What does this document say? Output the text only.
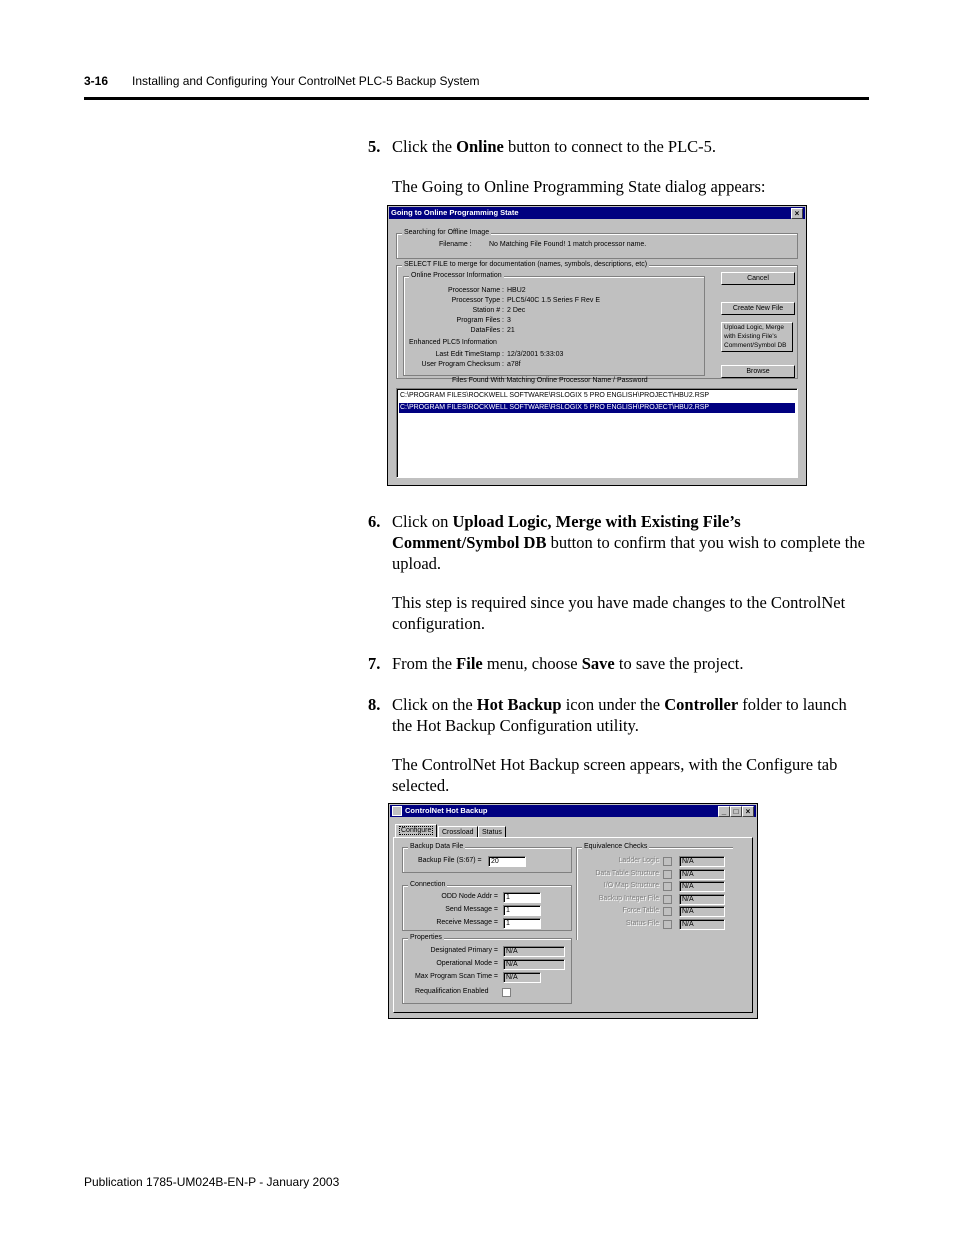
3-16 Installing and Configuring Your ControlNet PLC-5 Backup System
5. Click the Online button to connect to the PLC-5.
The Going to Online Programming State dialog appears:
Going to Online Programming State	×
Searching for Offline Image
Filename : No Matching File Found! 1 match processor name.
SELECT FILE to merge for documentation (names, symbols, descriptions, etc)
Online Processor Information
Processor Name : HBU2
Processor Type : PLC5/40C 1.5 Series F Rev E
Station # : 2 Dec
Program Files : 3
DataFiles : 21
Enhanced PLC5 Information
Last Edit TimeStamp : 12/3/2001 5:33:03
User Program Checksum : a78f
Cancel
Create New File
Upload Logic, Merge with Existing File's Comment/Symbol DB
Browse
Files Found With Matching Online Processor Name / Password
C:\PROGRAM FILES\ROCKWELL SOFTWARE\RSLOGIX 5 PRO ENGLISH\PROJECT\HBU2.RSP
C:\PROGRAM FILES\ROCKWELL SOFTWARE\RSLOGIX 5 PRO ENGLISH\PROJECT\HBU2.RSP
6. Click on Upload Logic, Merge with Existing File’s Comment/Symbol DB button to confirm that you wish to complete the upload.
This step is required since you have made changes to the ControlNet configuration.
7. From the File menu, choose Save to save the project.
8. Click on the Hot Backup icon under the Controller folder to launch the Hot Backup Configuration utility.
The ControlNet Hot Backup screen appears, with the Configure tab selected.
ControlNet Hot Backup	_ □ ×
Configure	Crossload	Status
Backup Data File
Backup File (S:67) =	20
Connection
ODD Node Addr =	1
Send Message =	1
Receive Message =	1
Properties
Designated Primary =	N/A
Operational Mode =	N/A
Max Program Scan Time =	N/A
Requalification Enabled
Equivalence Checks
Ladder Logic	N/A
Data Table Structure	N/A
I/O Map Structure	N/A
Backup Integer File	N/A
Force Table	N/A
Status File	N/A
Publication 1785-UM024B-EN-P - January 2003
